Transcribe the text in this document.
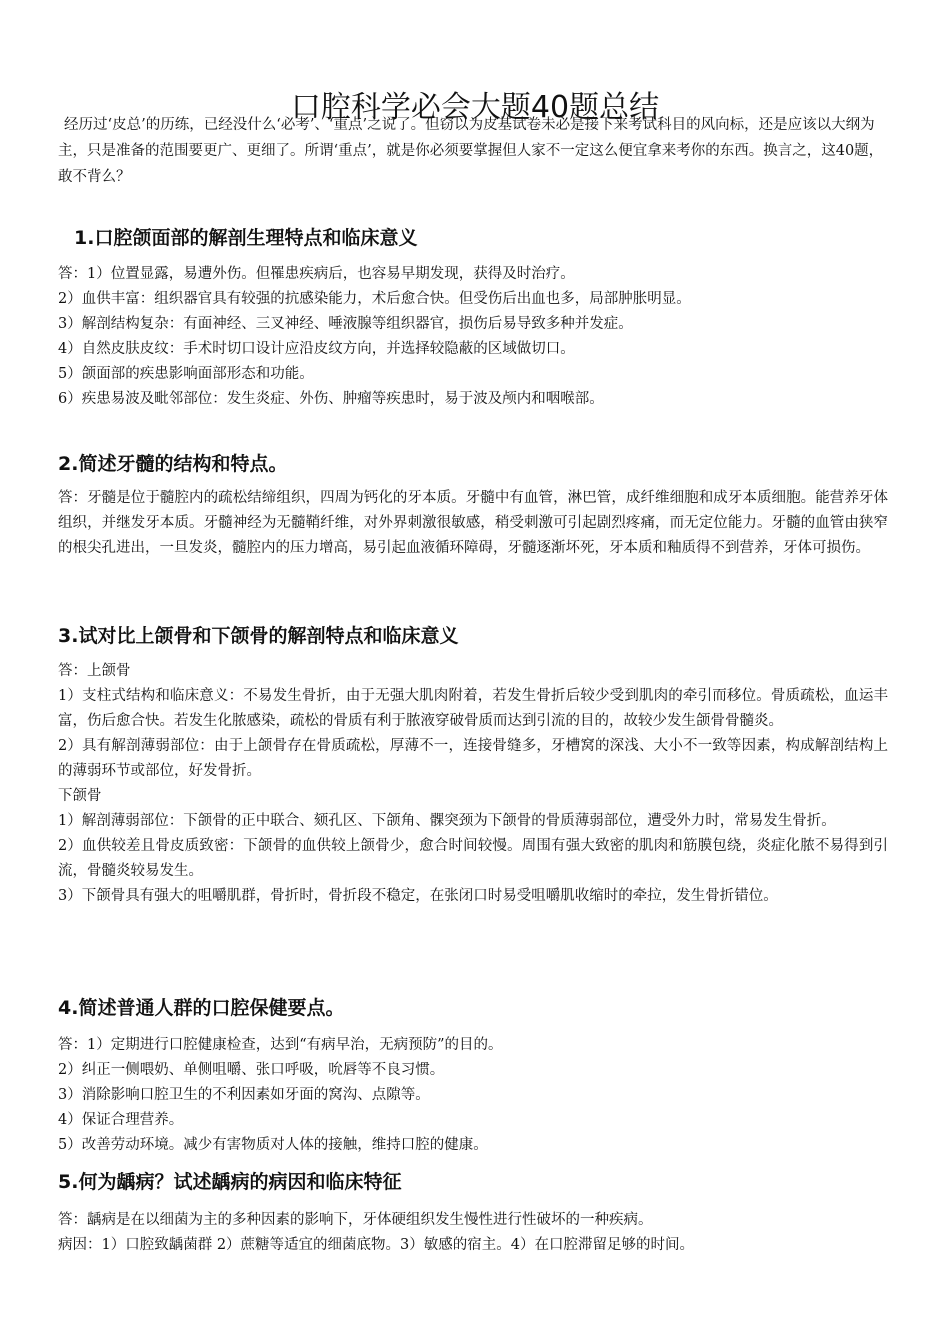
口腔科学必会大题40题总结

经历过‘皮总’的历练，已经没什么‘必考’、‘重点’之说了。但窃以为皮基试卷未必是接下来考试科目的风向标，还是应该以大纲为主，只是准备的范围要更广、更细了。所谓‘重点’，就是你必须要掌握但人家不一定这么便宜拿来考你的东西。换言之，这40题，敢不背么？

1.口腔颌面部的解剖生理特点和临床意义

答：1）位置显露，易遭外伤。但罹患疾病后，也容易早期发现，获得及时治疗。

2）血供丰富：组织器官具有较强的抗感染能力，术后愈合快。但受伤后出血也多，局部肿胀明显。

3）解剖结构复杂：有面神经、三叉神经、唾液腺等组织器官，损伤后易导致多种并发症。

4）自然皮肤皮纹：手术时切口设计应沿皮纹方向，并选择较隐蔽的区域做切口。

5）颌面部的疾患影响面部形态和功能。

6）疾患易波及毗邻部位：发生炎症、外伤、肿瘤等疾患时，易于波及颅内和咽喉部。

2.简述牙髓的结构和特点。

答：牙髓是位于髓腔内的疏松结缔组织，四周为钙化的牙本质。牙髓中有血管，淋巴管，成纤维细胞和成牙本质细胞。能营养牙体组织，并继发牙本质。牙髓神经为无髓鞘纤维，对外界刺激很敏感，稍受刺激可引起剧烈疼痛，而无定位能力。牙髓的血管由狭窄的根尖孔进出，一旦发炎，髓腔内的压力增高，易引起血液循环障碍，牙髓逐渐坏死，牙本质和釉质得不到营养，牙体可损伤。

3.试对比上颌骨和下颌骨的解剖特点和临床意义

答：上颌骨

1）支柱式结构和临床意义：不易发生骨折，由于无强大肌肉附着，若发生骨折后较少受到肌肉的牵引而移位。骨质疏松，血运丰富，伤后愈合快。若发生化脓感染，疏松的骨质有利于脓液穿破骨质而达到引流的目的，故较少发生颌骨骨髓炎。

2）具有解剖薄弱部位：由于上颌骨存在骨质疏松，厚薄不一，连接骨缝多，牙槽窝的深浅、大小不一致等因素，构成解剖结构上的薄弱环节或部位，好发骨折。

下颌骨

1）解剖薄弱部位：下颌骨的正中联合、颏孔区、下颌角、髁突颈为下颌骨的骨质薄弱部位，遭受外力时，常易发生骨折。

2）血供较差且骨皮质致密：下颌骨的血供较上颌骨少，愈合时间较慢。周围有强大致密的肌肉和筋膜包绕，炎症化脓不易得到引流，骨髓炎较易发生。

3）下颌骨具有强大的咀嚼肌群，骨折时，骨折段不稳定，在张闭口时易受咀嚼肌收缩时的牵拉，发生骨折错位。

4.简述普通人群的口腔保健要点。

答：1）定期进行口腔健康检查，达到“有病早治，无病预防”的目的。

2）纠正一侧喂奶、单侧咀嚼、张口呼吸，吮唇等不良习惯。

3）消除影响口腔卫生的不利因素如牙面的窝沟、点隙等。

4）保证合理营养。

5）改善劳动环境。减少有害物质对人体的接触，维持口腔的健康。

5.何为龋病？试述龋病的病因和临床特征

答：龋病是在以细菌为主的多种因素的影响下，牙体硬组织发生慢性进行性破坏的一种疾病。

病因：1）口腔致龋菌群 2）蔗糖等适宜的细菌底物。3）敏感的宿主。4）在口腔滞留足够的时间。
